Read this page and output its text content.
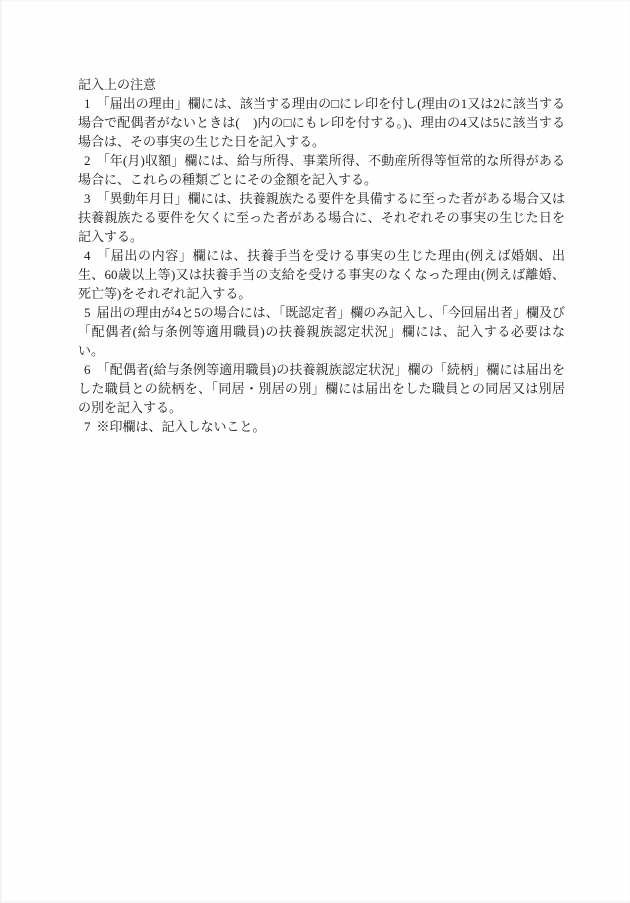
記入上の注意

1 「届出の理由」欄には、該当する理由の□にレ印を付し(理由の1又は2に該当する場合で配偶者がないときは(　)内の□にもレ印を付する。)、理由の4又は5に該当する場合は、その事実の生じた日を記入する。

2 「年(月)収額」欄には、給与所得、事業所得、不動産所得等恒常的な所得がある場合に、これらの種類ごとにその金額を記入する。

3 「異動年月日」欄には、扶養親族たる要件を具備するに至った者がある場合又は扶養親族たる要件を欠くに至った者がある場合に、それぞれその事実の生じた日を記入する。

4 「届出の内容」欄には、扶養手当を受ける事実の生じた理由(例えば婚姻、出生、60歳以上等)又は扶養手当の支給を受ける事実のなくなった理由(例えば離婚、死亡等)をそれぞれ記入する。

5 届出の理由が4と5の場合には、「既認定者」欄のみ記入し、「今回届出者」欄及び「配偶者(給与条例等適用職員)の扶養親族認定状況」欄には、記入する必要はない。

6 「配偶者(給与条例等適用職員)の扶養親族認定状況」欄の「続柄」欄には届出をした職員との続柄を、「同居・別居の別」欄には届出をした職員との同居又は別居の別を記入する。

7 ※印欄は、記入しないこと。
